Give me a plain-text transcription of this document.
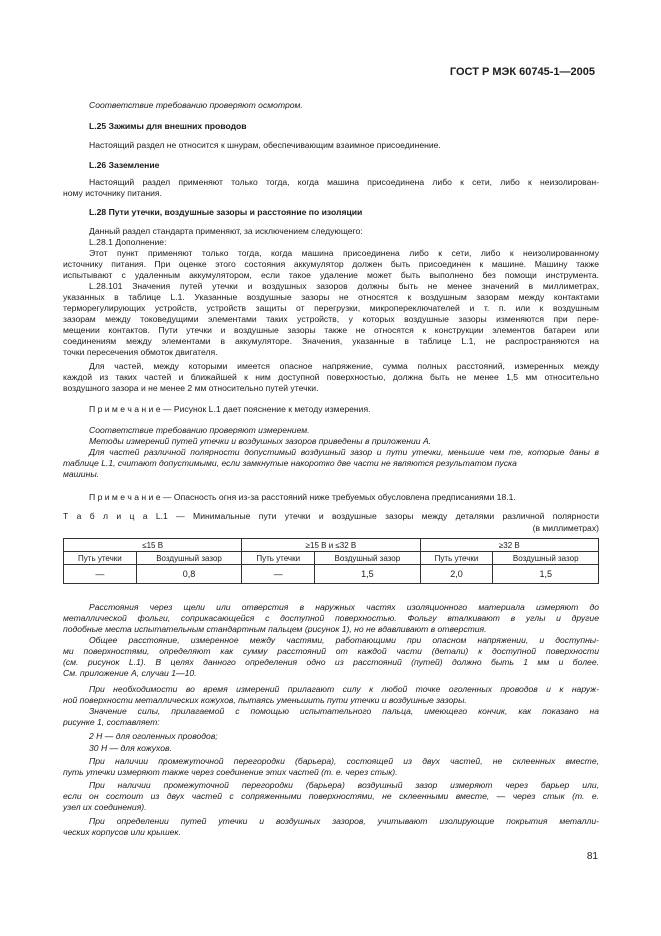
ГОСТ Р МЭК 60745-1—2005
Соответствие требованию проверяют осмотром.
L.25 Зажимы для внешних проводов
Настоящий раздел не относится к шнурам, обеспечивающим взаимное присоединение.
L.26 Заземление
Настоящий раздел применяют только тогда, когда машина присоединена либо к сети, либо к неизолирован-
ному источнику питания.
L.28 Пути утечки, воздушные зазоры и расстояние по изоляции
Данный раздел стандарта применяют, за исключением следующего:
L.28.1 Дополнение:
Этот пункт применяют только тогда, когда машина присоединена либо к сети, либо к неизолированному
источнику питания. При оценке этого состояния аккумулятор должен быть присоединен к машине. Машину также
испытывают с удаленным аккумулятором, если такое удаление может быть выполнено без помощи инструмента.
L.28.101 Значения путей утечки и воздушных зазоров должны быть не менее значений в миллиметрах,
указанных в таблице L.1. Указанные воздушные зазоры не относятся к воздушным зазорам между контактами
терморегулирующих устройств, устройств защиты от перегрузки, микропереключателей и т. п. или к воздушным
зазорам между токоведущими элементами таких устройств, у которых воздушные зазоры изменяются при пере-
мещении контактов. Пути утечки и воздушные зазоры также не относятся к конструкции элементов батареи или
соединениям между элементами в аккумуляторе. Значения, указанные в таблице L.1, не распространяются на
точки пересечения обмоток двигателя.
Для частей, между которыми имеется опасное напряжение, сумма полных расстояний, измеренных между
каждой из таких частей и ближайшей к ним доступной поверхностью, должна быть не менее 1,5 мм относительно
воздушного зазора и не менее 2 мм относительно путей утечки.
П р и м е ч а н и е — Рисунок L.1 дает пояснение к методу измерения.
Соответствие требованию проверяют измерением.
Методы измерений путей утечки и воздушных зазоров приведены в приложении А.
Для частей различной полярности допустимый воздушный зазор и пути утечки, меньшие чем те, которые даны в
таблице L.1, считают допустимыми, если замкнутые накоротко две части не являются результатом пуска
машины.
П р и м е ч а н и е — Опасность огня из-за расстояний ниже требуемых обусловлена предписаниями 18.1.
Т а б л и ц а L.1 — Минимальные пути утечки и воздушные зазоры между деталями различной полярности
(в миллиметрах)
≤15 В		≥15 В и ≤32 В		≥32 В	
Путь утечки	Воздушный зазор	Путь утечки	Воздушный зазор	Путь утечки	Воздушный зазор
—	0,8	—	1,5	2,0	1,5
Расстояния через щели или отверстия в наружных частях изоляционного материала измеряют до
металлической фольги, соприкасающейся с доступной поверхностью. Фольгу вталкивают в углы и другие
подобные места испытательным стандартным пальцем (рисунок 1), но не вдавливают в отверстия.
Общее расстояние, измеренное между частями, работающими при опасном напряжении, и доступны-
ми поверхностями, определяют как сумму расстояний от каждой части (детали) к доступной поверхности
(см. рисунок L.1). В целях данного определения одно из расстояний (путей) должно быть 1 мм и более.
См. приложение А, случаи 1—10.
При необходимости во время измерений прилагают силу к любой точке оголенных проводов и к наруж-
ной поверхности металлических кожухов, пытаясь уменьшить пути утечки и воздушные зазоры.
Значение силы, прилагаемой с помощью испытательного пальца, имеющего кончик, как показано на
рисунке 1, составляет:
2 Н — для оголенных проводов;
30 Н — для кожухов.
При наличии промежуточной перегородки (барьера), состоящей из двух частей, не склеенных вместе,
путь утечки измеряют также через соединение этих частей (т. е. через стык).
При наличии промежуточной перегородки (барьера) воздушный зазор измеряют через барьер или,
если он состоит из двух частей с сопряженными поверхностями, не склеенными вместе, — через стык (т. е.
узел их соединения).
При определении путей утечки и воздушных зазоров, учитывают изолирующие покрытия металли-
ческих корпусов или крышек.
81
